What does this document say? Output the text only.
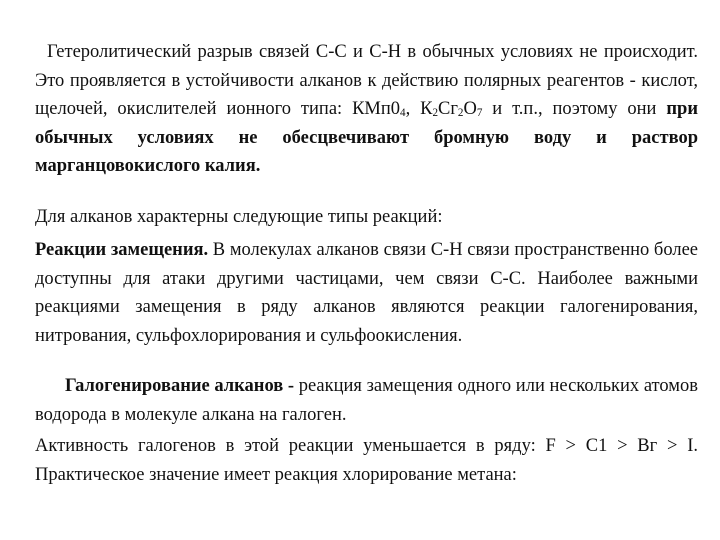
Гетеролитический разрыв связей С-С и С-Н в обычных условиях не происходит. Это проявляется в устойчивости алканов к действию полярных реагентов - кислот, щелочей, окислителей ионного типа: $КМп0_4$, $К_2Сг_2О_7$ и т.п., поэтому они при обычных условиях не обесцвечивают бромную воду и раствор марганцовокислого калия.

Для алканов характерны следующие типы реакций:

Реакции замещения. В молекулах алканов связи С-Н связи пространственно более доступны для атаки другими частицами, чем связи С-С. Наиболее важными реакциями замещения в ряду алканов являются реакции галогенирования, нитрования, сульфохлорирования и сульфоокисления.

Галогенирование алканов - реакция замещения одного или нескольких атомов водорода в молекуле алкана на галоген.

Активность галогенов в этой реакции уменьшается в ряду: F > С1 > Вг > I. Практическое значение имеет реакция хлорирование метана:
